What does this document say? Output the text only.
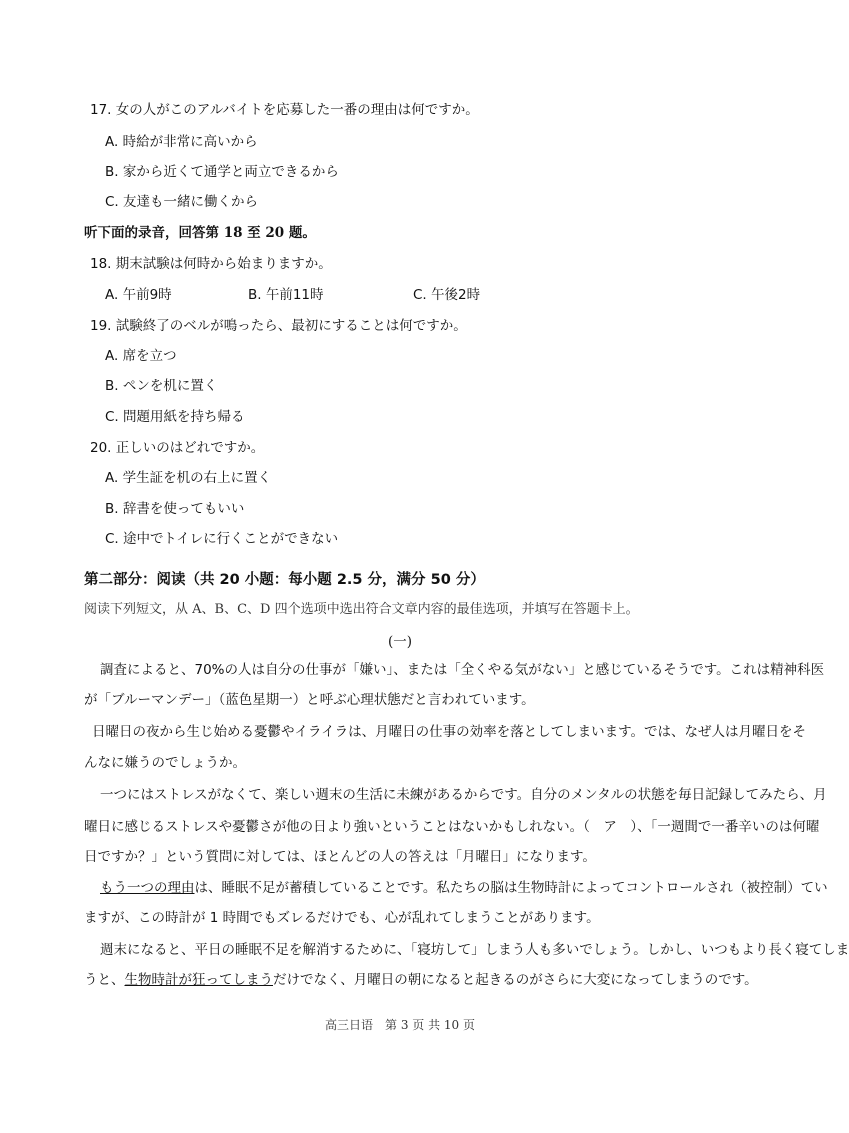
17. 女の人がこのアルバイトを応募した一番の理由は何ですか。
A. 時給が非常に高いから
B. 家から近くて通学と両立できるから
C. 友達も一緒に働くから
听下面的录音，回答第 18 至 20 题。
18. 期末試験は何時から始まりますか。
A. 午前9時	B. 午前11時	C. 午後2時
19. 試験終了のベルが鳴ったら、最初にすることは何ですか。
A. 席を立つ
B. ペンを机に置く
C. 問題用紙を持ち帰る
20. 正しいのはどれですか。
A. 学生証を机の右上に置く
B. 辞書を使ってもいい
C. 途中でトイレに行くことができない
第二部分：阅读（共 20 小题：每小题 2.5 分，满分 50 分）
阅读下列短文，从 A、B、C、D 四个选项中选出符合文章内容的最佳选项，并填写在答题卡上。
(一)
調査によると、70%の人は自分の仕事が「嫌い」、または「全くやる気がない」と感じているそうです。これは精神科医
が「ブルーマンデー」（蓝色星期一）と呼ぶ心理状態だと言われています。
日曜日の夜から生じ始める憂鬱やイライラは、月曜日の仕事の効率を落としてしまいます。では、なぜ人は月曜日をそ
んなに嫌うのでしょうか。
一つにはストレスがなくて、楽しい週末の生活に未練があるからです。自分のメンタルの状態を毎日記録してみたら、月
曜日に感じるストレスや憂鬱さが他の日より強いということはないかもしれない。（　ア　）、「一週間で一番辛いのは何曜
日ですか？」という質問に対しては、ほとんどの人の答えは「月曜日」になります。
もう一つの理由は、睡眠不足が蓄積していることです。私たちの脳は生物時計によってコントロールされ（被控制）てい
ますが、この時計が 1 時間でもズレるだけでも、心が乱れてしまうことがあります。
週末になると、平日の睡眠不足を解消するために、「寝坊して」しまう人も多いでしょう。しかし、いつもより長く寝てしま
うと、生物時計が狂ってしまうだけでなく、月曜日の朝になると起きるのがさらに大変になってしまうのです。
高三日语　第 3 页 共 10 页
